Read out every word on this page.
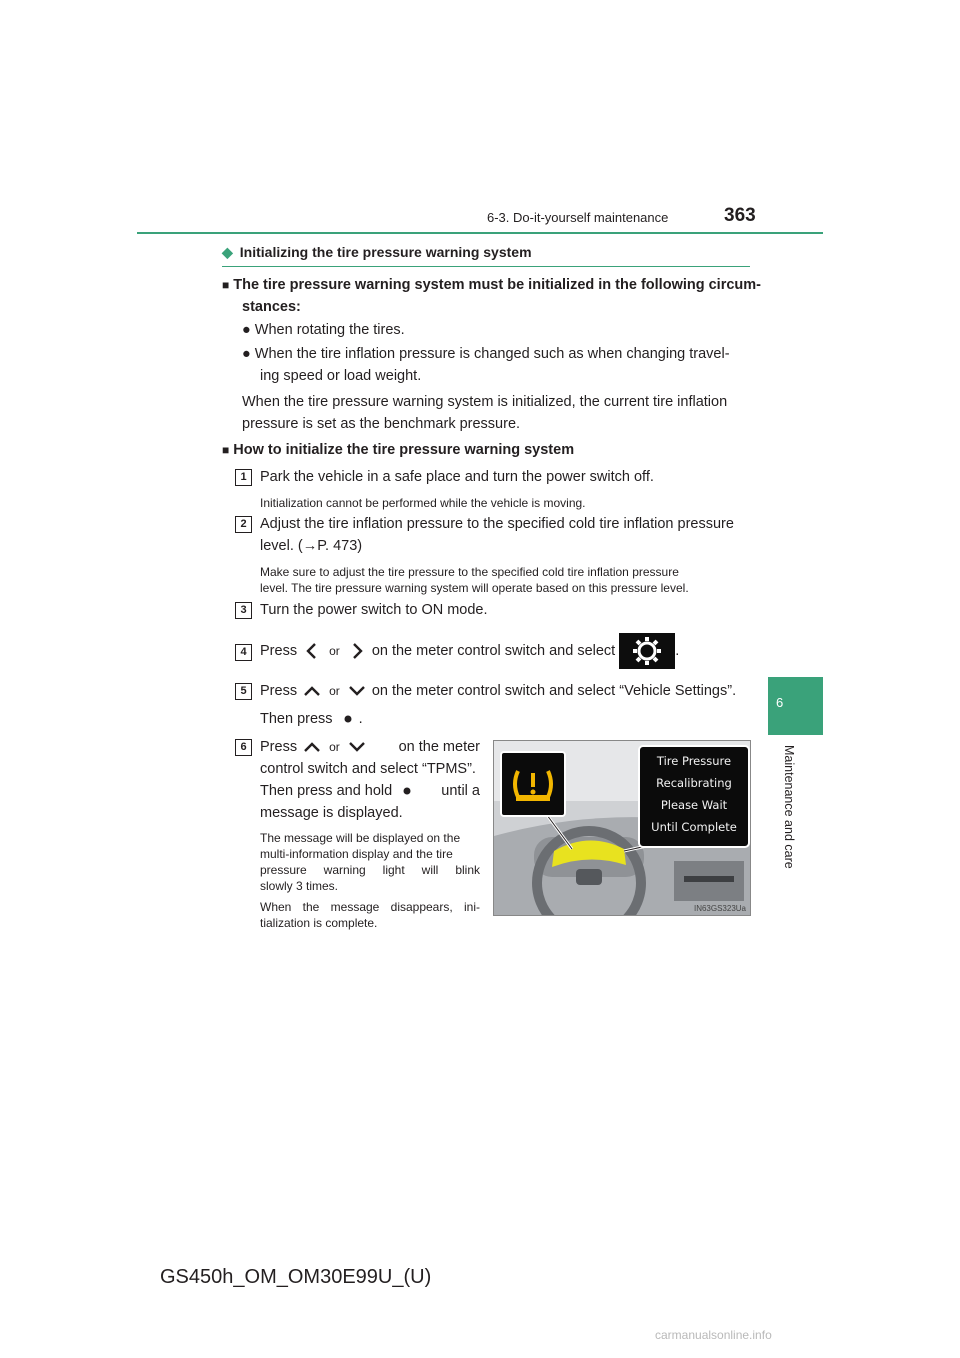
6-3. Do-it-yourself maintenance	363
6
Maintenance and care
◆ Initializing the tire pressure warning system
■ The tire pressure warning system must be initialized in the following circum-
stances:
● When rotating the tires.
● When the tire inflation pressure is changed such as when changing travel-
ing speed or load weight.
When the tire pressure warning system is initialized, the current tire inflation
pressure is set as the benchmark pressure.
■ How to initialize the tire pressure warning system
1 Park the vehicle in a safe place and turn the power switch off.
Initialization cannot be performed while the vehicle is moving.
2 Adjust the tire inflation pressure to the specified cold tire inflation pressure
level. (→P. 473)
Make sure to adjust the tire pressure to the specified cold tire inflation pressure
level. The tire pressure warning system will operate based on this pressure level.
3 Turn the power switch to ON mode.
4 Press	or on the meter control switch and select	.
5 Press	or on the meter control switch and select “Vehicle Settings”.
Then press .
6 Press	or	on the meter
control switch and select “TPMS”.
Then press and hold	until a
message is displayed.
The message will be displayed on the
multi-information display and the tire
pressure warning light will blink
slowly 3 times.
When the message disappears, ini-
tialization is complete.
Tire Pressure
Recalibrating
Please Wait
Until Complete
IN63GS323Ua
GS450h_OM_OM30E99U_(U)
carmanualsonline.info
